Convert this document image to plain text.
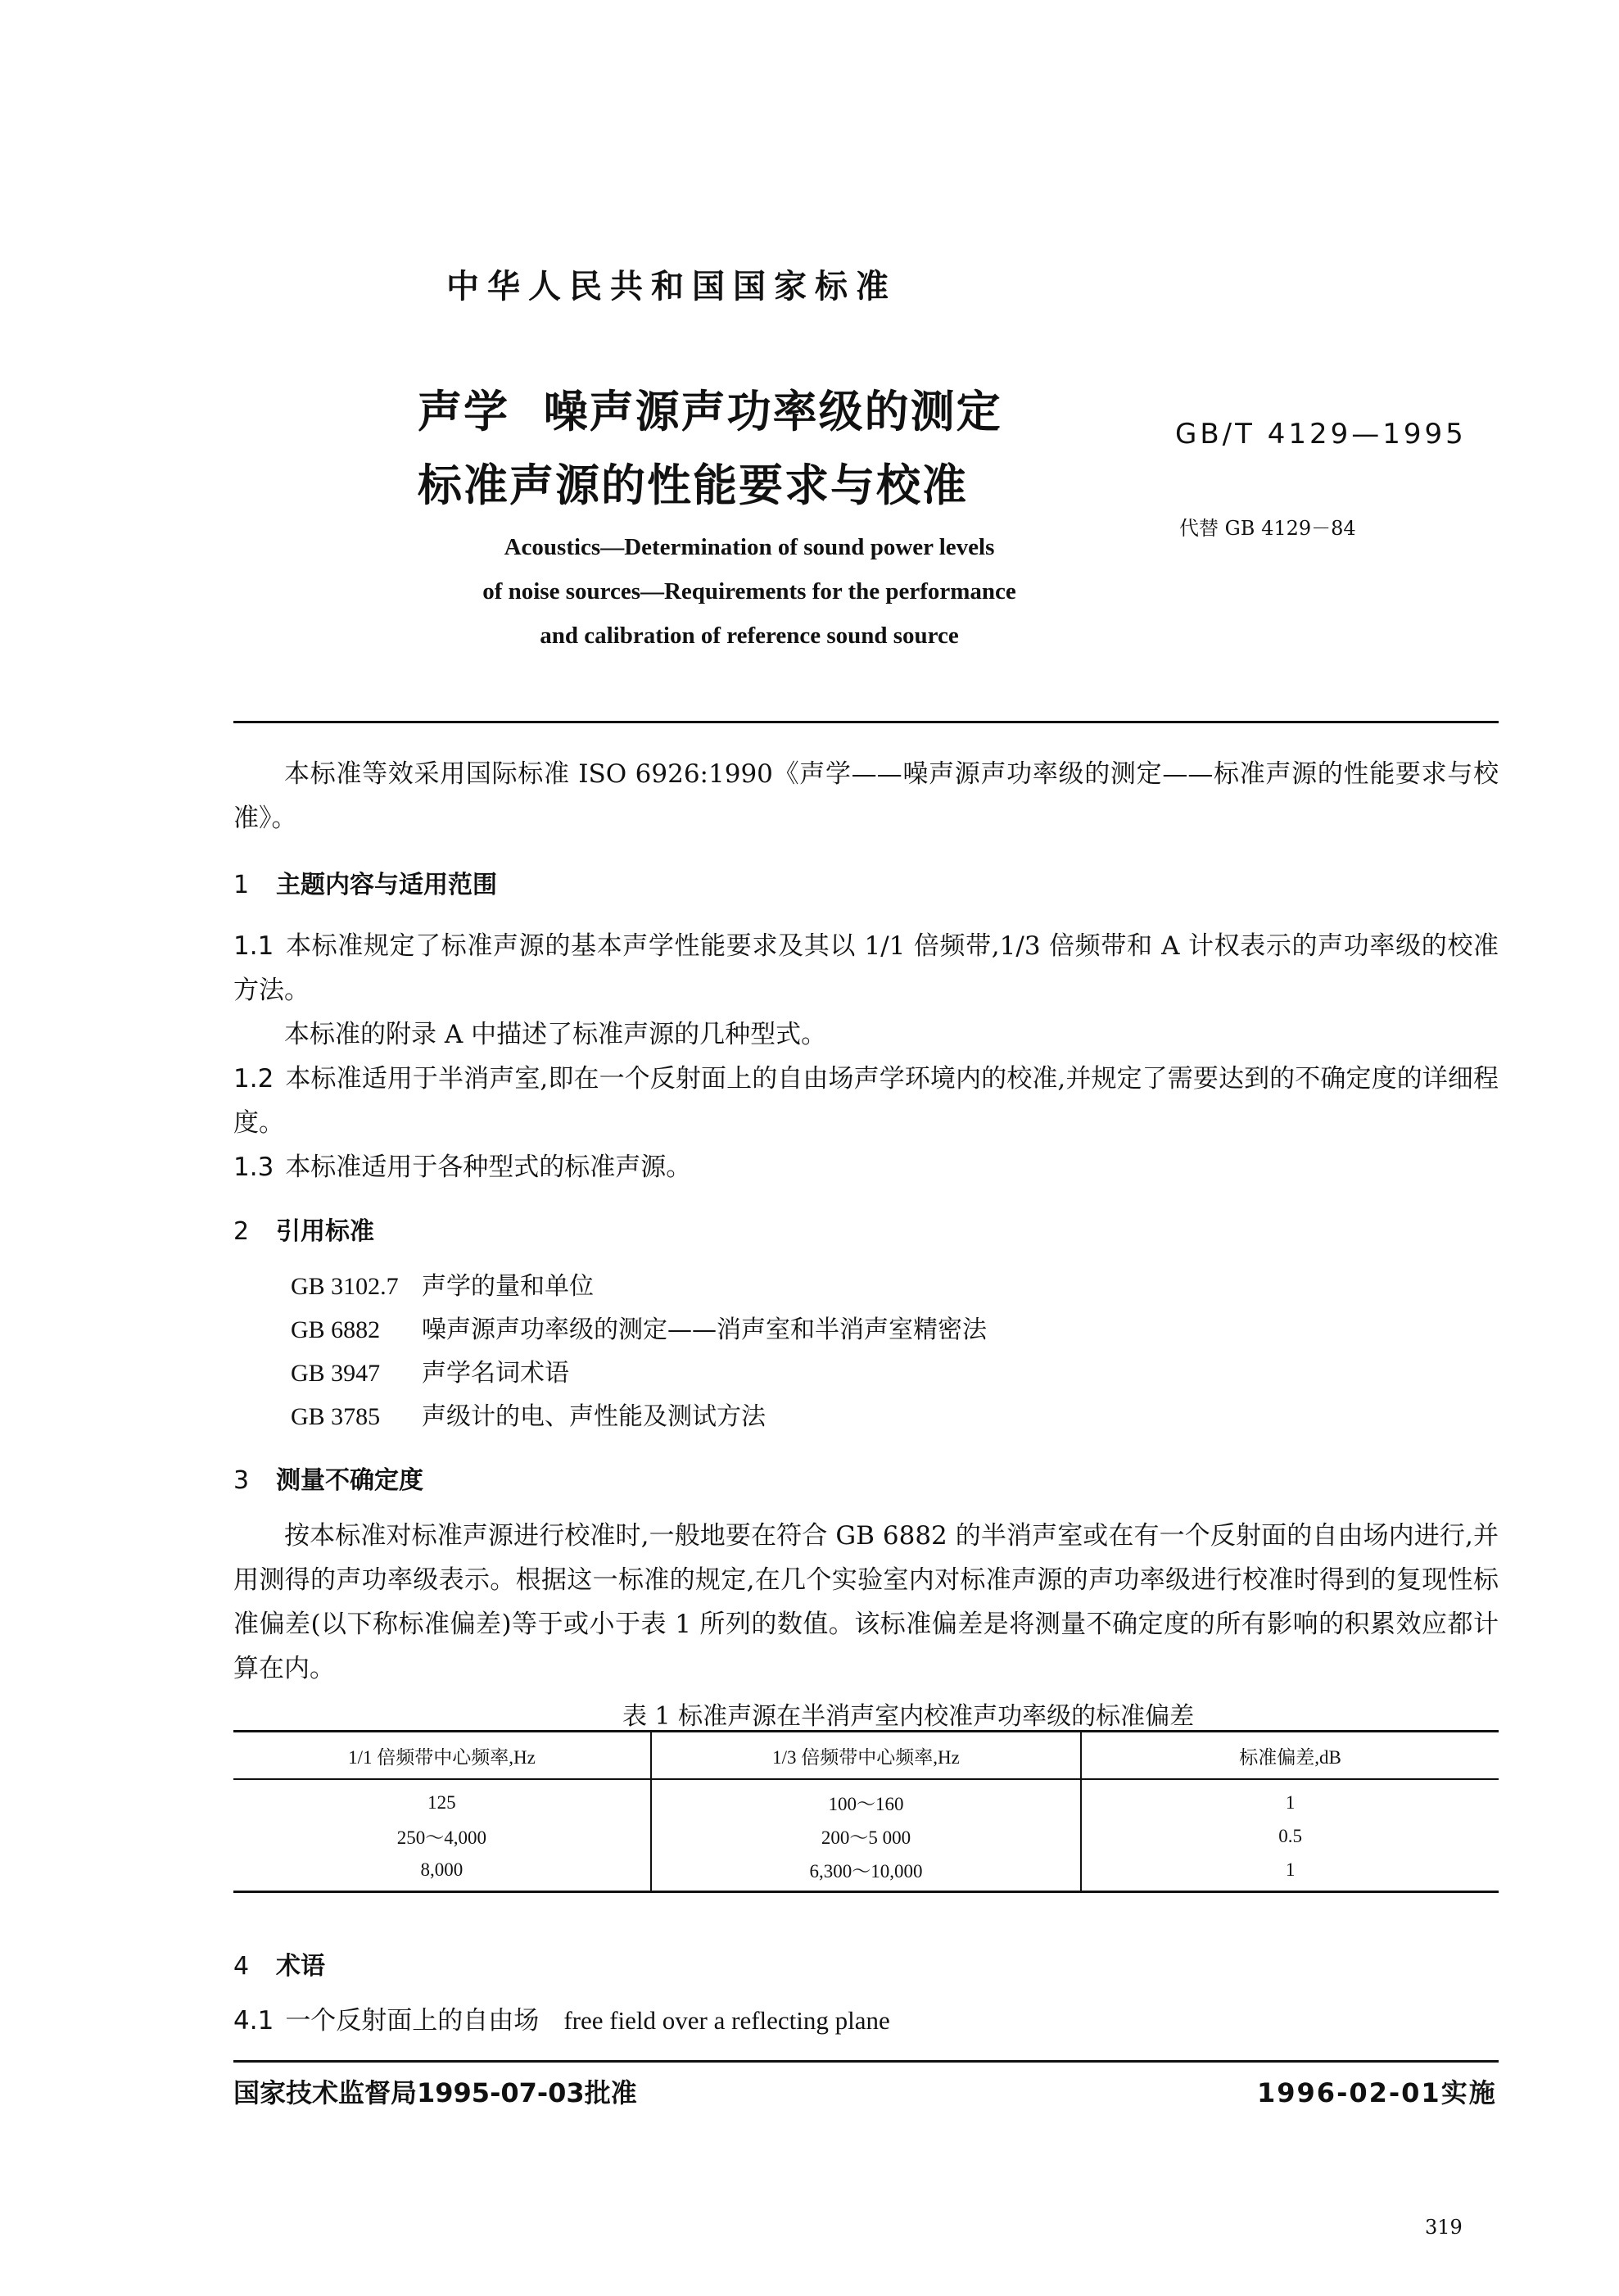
中华人民共和国国家标准
声学  噪声源声功率级的测定
标准声源的性能要求与校准
GB/T 4129—1995
代替 GB 4129－84
Acoustics—Determination of sound power levels
of noise sources—Requirements for the performance
and calibration of reference sound source
本标准等效采用国际标准 ISO 6926:1990《声学——噪声源声功率级的测定——标准声源的性能要求与校准》。
1 主题内容与适用范围
1.1 本标准规定了标准声源的基本声学性能要求及其以 1/1 倍频带,1/3 倍频带和 A 计权表示的声功率级的校准方法。
本标准的附录 A 中描述了标准声源的几种型式。
1.2 本标准适用于半消声室,即在一个反射面上的自由场声学环境内的校准,并规定了需要达到的不确定度的详细程度。
1.3 本标准适用于各种型式的标准声源。
2 引用标准
GB 3102.7 声学的量和单位
GB 6882 噪声源声功率级的测定——消声室和半消声室精密法
GB 3947 声学名词术语
GB 3785 声级计的电、声性能及测试方法
3 测量不确定度
按本标准对标准声源进行校准时,一般地要在符合 GB 6882 的半消声室或在有一个反射面的自由场内进行,并用测得的声功率级表示。根据这一标准的规定,在几个实验室内对标准声源的声功率级进行校准时得到的复现性标准偏差(以下称标准偏差)等于或小于表 1 所列的数值。该标准偏差是将测量不确定度的所有影响的积累效应都计算在内。
表 1 标准声源在半消声室内校准声功率级的标准偏差
1/1 倍频带中心频率,Hz	1/3 倍频带中心频率,Hz	标准偏差,dB
125	100～160	1
250～4,000	200～5 000	0.5
8,000	6,300～10,000	1
4 术语
4.1 一个反射面上的自由场 free field over a reflecting plane
国家技术监督局1995-07-03批准	1996-02-01实施
319
